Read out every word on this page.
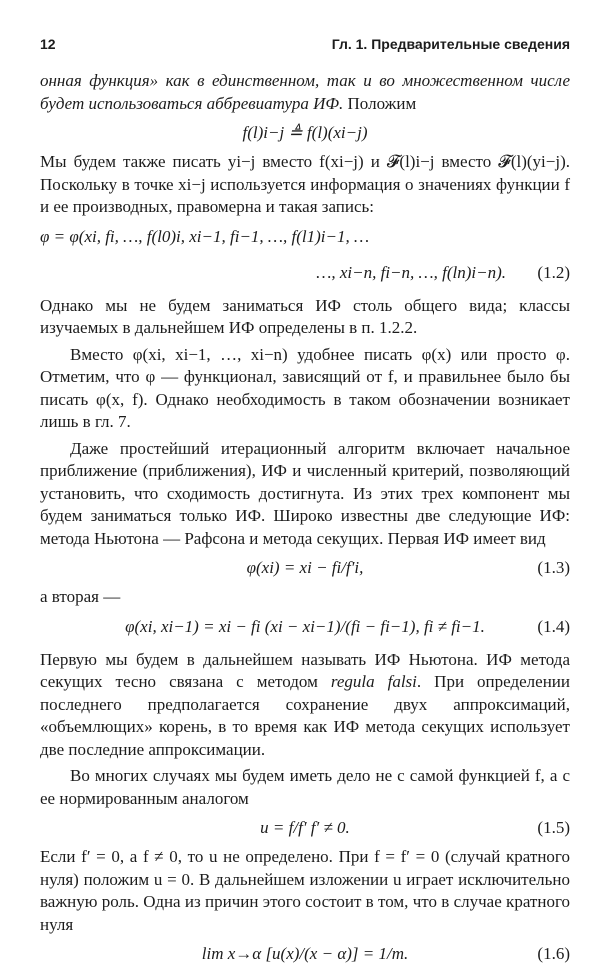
12	Гл. 1. Предварительные сведения

онная функция» как в единственном, так и во множественном числе будет использоваться аббревиатура ИФ. Положим

f(l)i−j ≜ f(l)(xi−j)

Мы будем также писать yi−j вместо f(xi−j) и 𝓕(l)i−j вместо 𝓕(l)(yi−j). Поскольку в точке xi−j используется информация о значениях функции f и ее производных, правомерна и такая запись:

φ = φ(xi, fi, …, f(l0)i, xi−1, fi−1, …, f(l1)i−1, …
…, xi−n, fi−n, …, f(ln)i−n). (1.2)

Однако мы не будем заниматься ИФ столь общего вида; классы изучаемых в дальнейшем ИФ определены в п. 1.2.2.

Вместо φ(xi, xi−1, …, xi−n) удобнее писать φ(x) или просто φ. Отметим, что φ — функционал, зависящий от f, и правильнее было бы писать φ(x, f). Однако необходимость в таком обозначении возникает лишь в гл. 7.

Даже простейший итерационный алгоритм включает начальное приближение (приближения), ИФ и численный критерий, позволяющий установить, что сходимость достигнута. Из этих трех компонент мы будем заниматься только ИФ. Широко известны две следующие ИФ: метода Ньютона — Рафсона и метода секущих. Первая ИФ имеет вид

φ(xi) = xi − fi/f′i,	(1.3)

а вторая —

φ(xi, xi−1) = xi − fi (xi − xi−1)/(fi − fi−1), fi ≠ fi−1.	(1.4)

Первую мы будем в дальнейшем называть ИФ Ньютона. ИФ метода секущих тесно связана с методом regula falsi. При определении последнего предполагается сохранение двух аппроксимаций, «объемлющих» корень, в то время как ИФ метода секущих использует две последние аппроксимации.

Во многих случаях мы будем иметь дело не с самой функцией f, а с ее нормированным аналогом

u = f/f′ f′ ≠ 0.	(1.5)

Если f′ = 0, а f ≠ 0, то u не определено. При f = f′ = 0 (случай кратного нуля) положим u = 0. В дальнейшем изложении u играет исключительно важную роль. Одна из причин этого состоит в том, что в случае кратного нуля

lim x→α [u(x)/(x − α)] = 1/m.	(1.6)
